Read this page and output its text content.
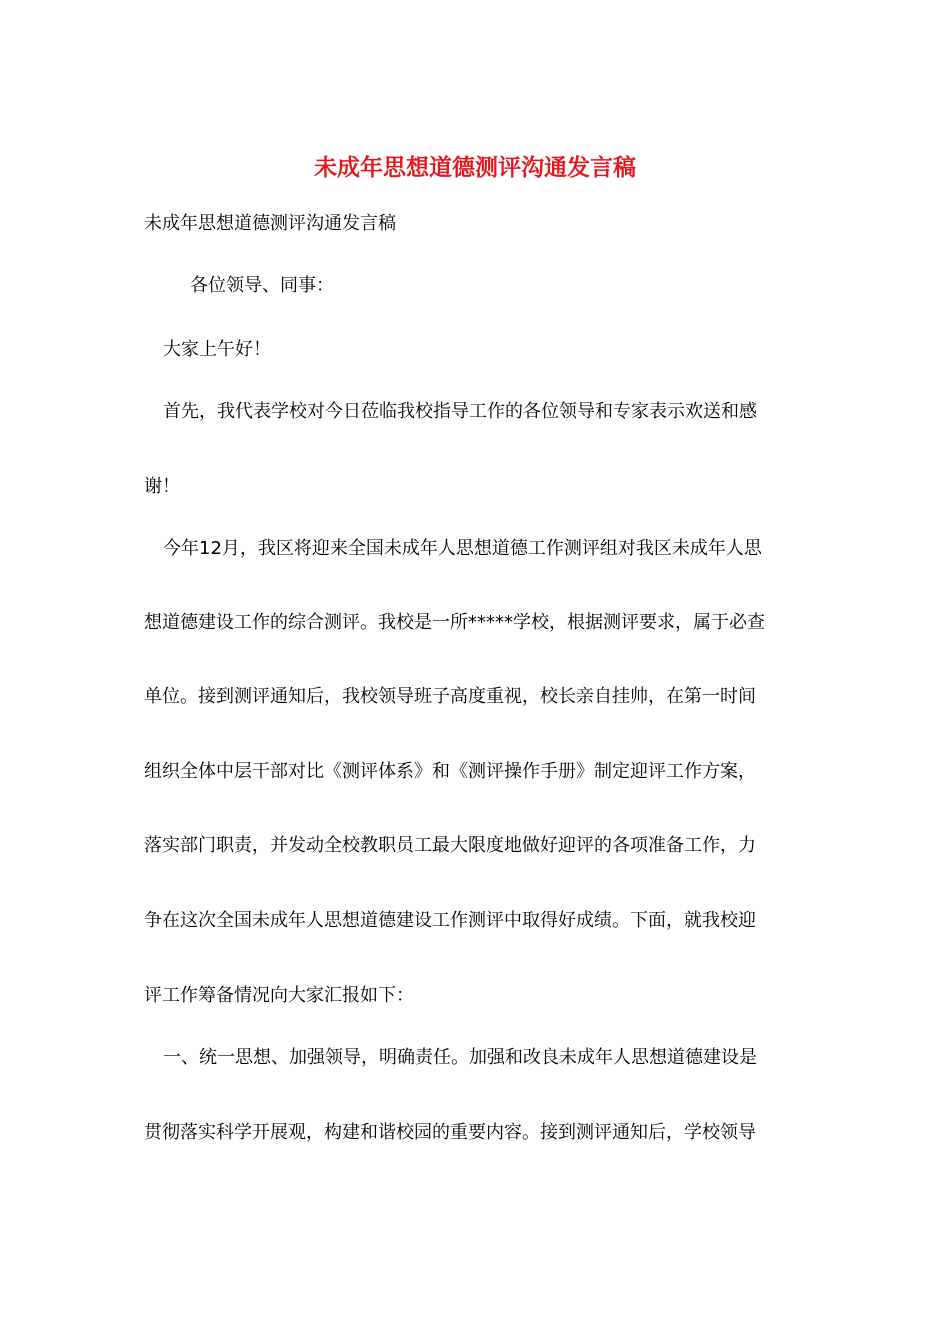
未成年思想道德测评沟通发言稿

未成年思想道德测评沟通发言稿

各位领导、同事：

大家上午好！

首先，我代表学校对今日莅临我校指导工作的各位领导和专家表示欢送和感

谢！

今年12月，我区将迎来全国未成年人思想道德工作测评组对我区未成年人思

想道德建设工作的综合测评。我校是一所*****学校，根据测评要求，属于必查

单位。接到测评通知后，我校领导班子高度重视，校长亲自挂帅，在第一时间

组织全体中层干部对比《测评体系》和《测评操作手册》制定迎评工作方案，

落实部门职责，并发动全校教职员工最大限度地做好迎评的各项准备工作，力

争在这次全国未成年人思想道德建设工作测评中取得好成绩。下面，就我校迎

评工作筹备情况向大家汇报如下：

一、统一思想、加强领导，明确责任。加强和改良未成年人思想道德建设是

贯彻落实科学开展观，构建和谐校园的重要内容。接到测评通知后，学校领导
